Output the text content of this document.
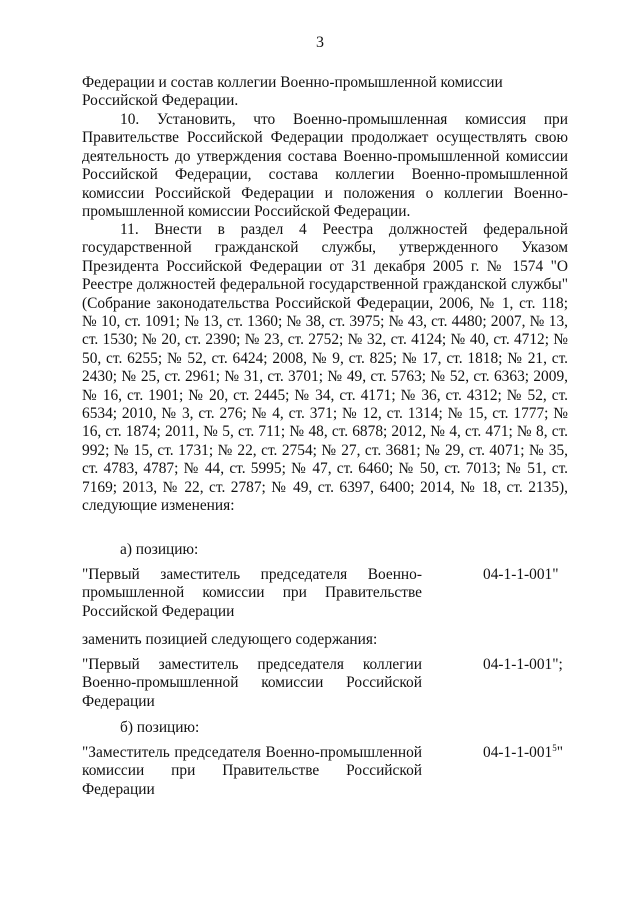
3

Федерации и состав коллегии Военно-промышленной комиссии Российской Федерации.

10. Установить, что Военно-промышленная комиссия при Правительстве Российской Федерации продолжает осуществлять свою деятельность до утверждения состава Военно-промышленной комиссии Российской Федерации, состава коллегии Военно-промышленной комиссии Российской Федерации и положения о коллегии Военно-промышленной комиссии Российской Федерации.

11. Внести в раздел 4 Реестра должностей федеральной государственной гражданской службы, утвержденного Указом Президента Российской Федерации от 31 декабря 2005 г. № 1574 "О Реестре должностей федеральной государственной гражданской службы" (Собрание законодательства Российской Федерации, 2006, № 1, ст. 118; № 10, ст. 1091; № 13, ст. 1360; № 38, ст. 3975; № 43, ст. 4480; 2007, № 13, ст. 1530; № 20, ст. 2390; № 23, ст. 2752; № 32, ст. 4124; № 40, ст. 4712; № 50, ст. 6255; № 52, ст. 6424; 2008, № 9, ст. 825; № 17, ст. 1818; № 21, ст. 2430; № 25, ст. 2961; № 31, ст. 3701; № 49, ст. 5763; № 52, ст. 6363; 2009, № 16, ст. 1901; № 20, ст. 2445; № 34, ст. 4171; № 36, ст. 4312; № 52, ст. 6534; 2010, № 3, ст. 276; № 4, ст. 371; № 12, ст. 1314; № 15, ст. 1777; № 16, ст. 1874; 2011, № 5, ст. 711; № 48, ст. 6878; 2012, № 4, ст. 471; № 8, ст. 992; № 15, ст. 1731; № 22, ст. 2754; № 27, ст. 3681; № 29, ст. 4071; № 35, ст. 4783, 4787; № 44, ст. 5995; № 47, ст. 6460; № 50, ст. 7013; № 51, ст. 7169; 2013, № 22, ст. 2787; № 49, ст. 6397, 6400; 2014, № 18, ст. 2135), следующие изменения:

а) позицию:

"Первый заместитель председателя Военно-промышленной комиссии при Правительстве Российской Федерации

04-1-1-001"

заменить позицией следующего содержания:

"Первый заместитель председателя коллегии Военно-промышленной комиссии Российской Федерации

04-1-1-001";

б) позицию:

"Заместитель председателя Военно-промышленной комиссии при Правительстве Российской Федерации

$04-1-1-001^5$"
